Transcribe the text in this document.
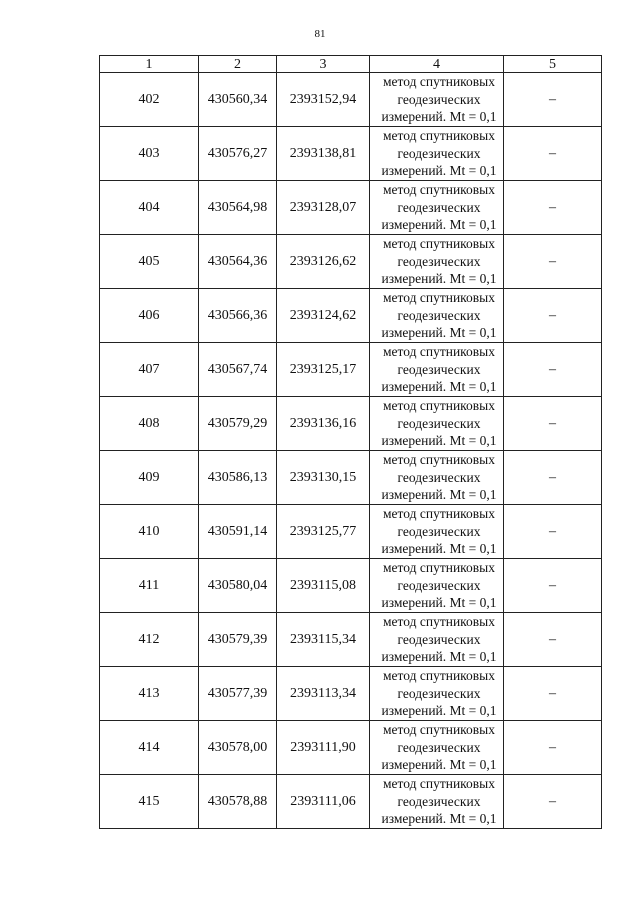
81
1	2	3	4	5
402	430560,34	2393152,94	метод спутниковых
геодезических
измерений. Mt = 0,1	–
403	430576,27	2393138,81	метод спутниковых
геодезических
измерений. Mt = 0,1	–
404	430564,98	2393128,07	метод спутниковых
геодезических
измерений. Mt = 0,1	–
405	430564,36	2393126,62	метод спутниковых
геодезических
измерений. Mt = 0,1	–
406	430566,36	2393124,62	метод спутниковых
геодезических
измерений. Mt = 0,1	–
407	430567,74	2393125,17	метод спутниковых
геодезических
измерений. Mt = 0,1	–
408	430579,29	2393136,16	метод спутниковых
геодезических
измерений. Mt = 0,1	–
409	430586,13	2393130,15	метод спутниковых
геодезических
измерений. Mt = 0,1	–
410	430591,14	2393125,77	метод спутниковых
геодезических
измерений. Mt = 0,1	–
411	430580,04	2393115,08	метод спутниковых
геодезических
измерений. Mt = 0,1	–
412	430579,39	2393115,34	метод спутниковых
геодезических
измерений. Mt = 0,1	–
413	430577,39	2393113,34	метод спутниковых
геодезических
измерений. Mt = 0,1	–
414	430578,00	2393111,90	метод спутниковых
геодезических
измерений. Mt = 0,1	–
415	430578,88	2393111,06	метод спутниковых
геодезических
измерений. Mt = 0,1	–
